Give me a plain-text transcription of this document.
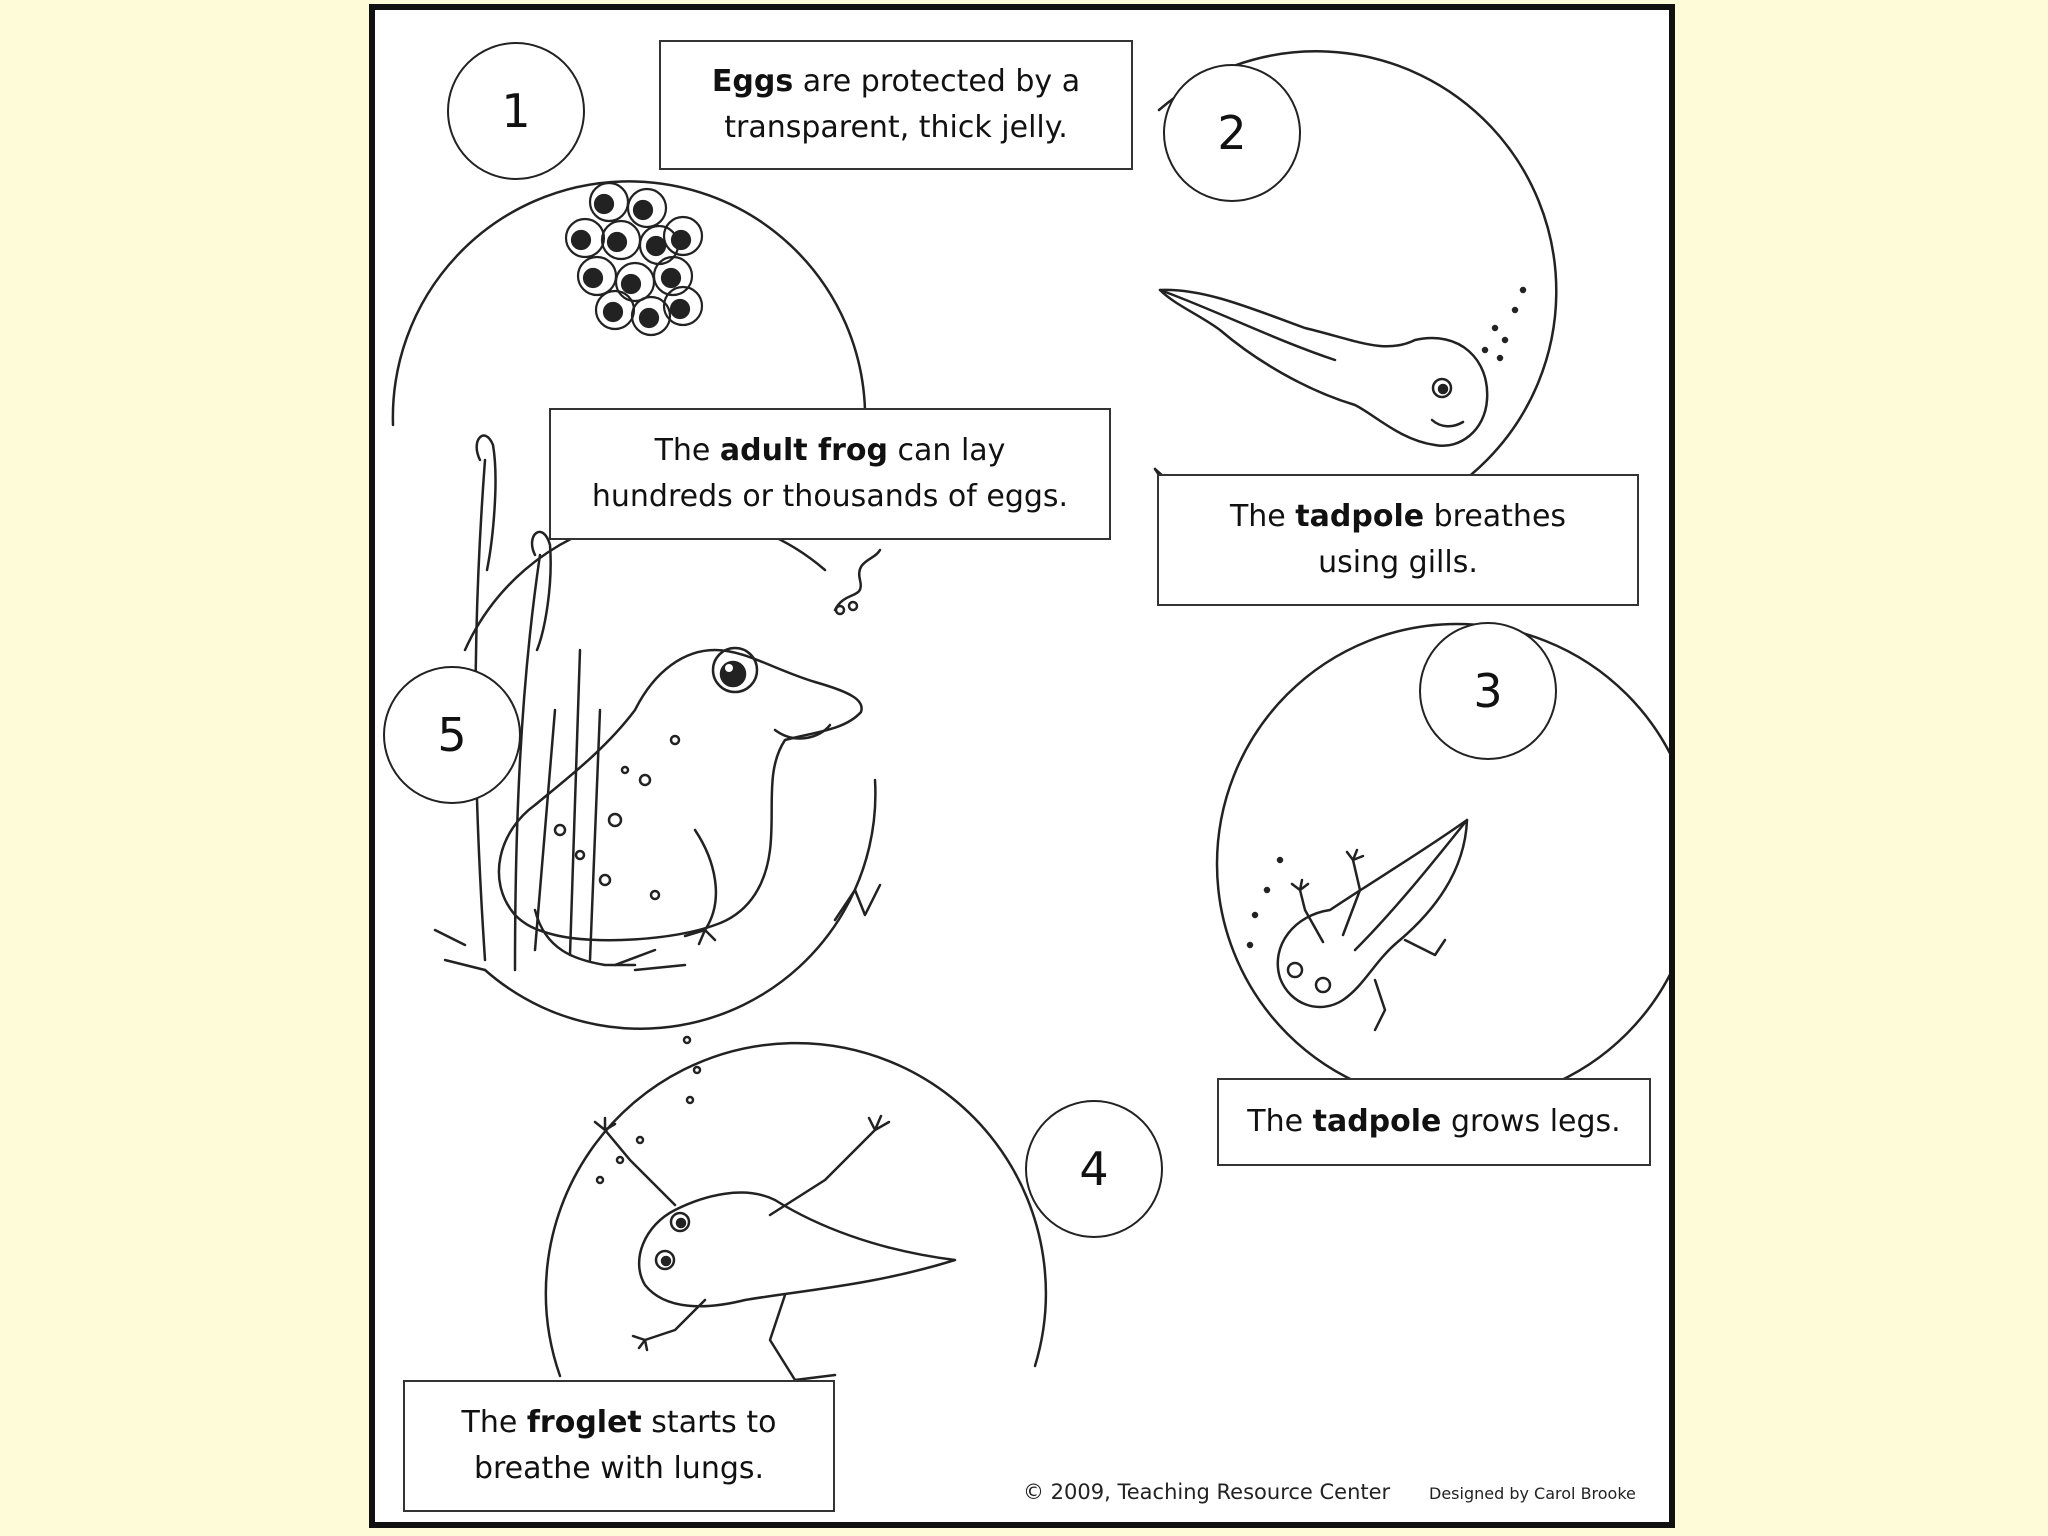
1	2
3
4
5
Eggs are protected by a
transparent, thick jelly.
The adult frog can lay
hundreds or thousands of eggs.
The tadpole breathes
using gills.
The tadpole grows legs.
The froglet starts to
breathe with lungs.
© 2009, Teaching Resource Center Designed by Carol Brooke
